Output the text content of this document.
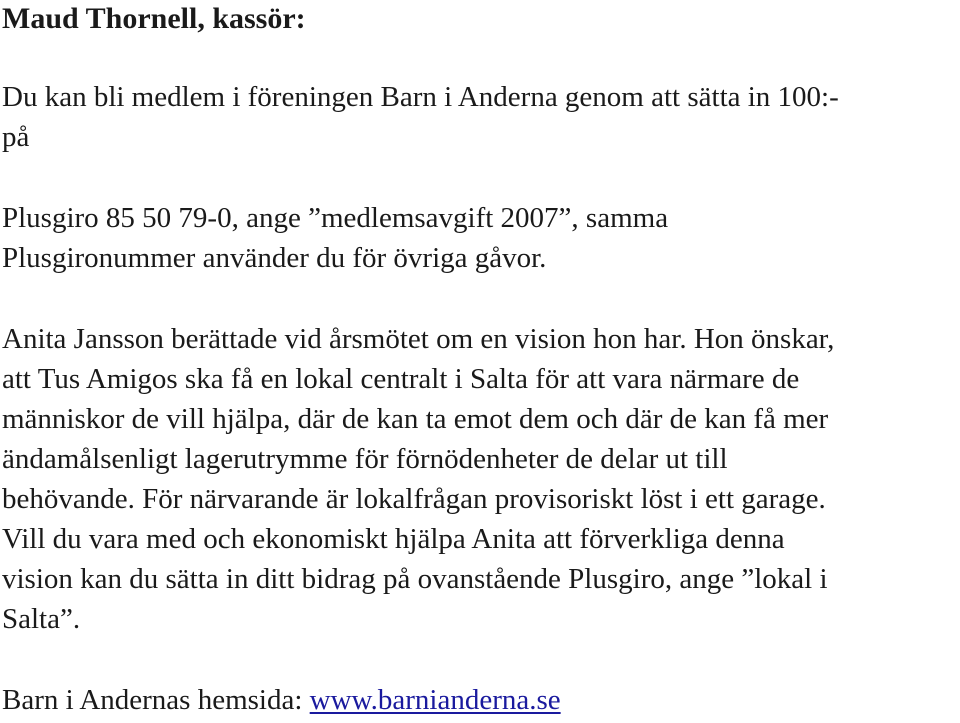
Maud Thornell, kassör:

Du kan bli medlem i föreningen Barn i Anderna genom att sätta in 100:-
på

Plusgiro 85 50 79-0, ange ”medlemsavgift 2007”, samma
Plusgironummer använder du för övriga gåvor.

Anita Jansson berättade vid årsmötet om en vision hon har. Hon önskar,
att Tus Amigos ska få en lokal centralt i Salta för att vara närmare de
människor de vill hjälpa, där de kan ta emot dem och där de kan få mer
ändamålsenligt lagerutrymme för förnödenheter de delar ut till
behövande. För närvarande är lokalfrågan provisoriskt löst i ett garage.
Vill du vara med och ekonomiskt hjälpa Anita att förverkliga denna
vision kan du sätta in ditt bidrag på ovanstående Plusgiro, ange ”lokal i
Salta”.

Barn i Andernas hemsida: www.barnianderna.se
